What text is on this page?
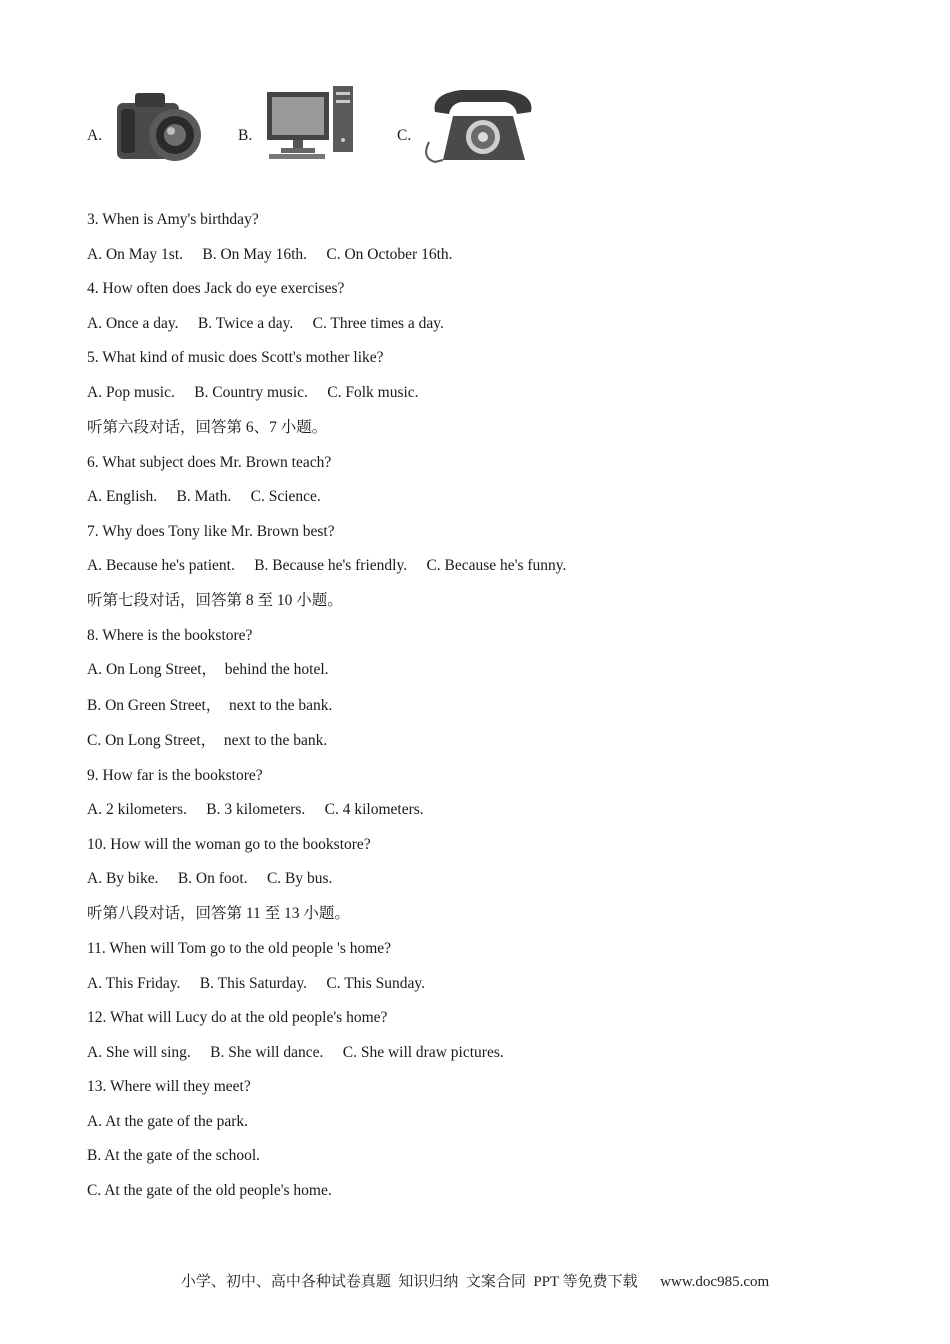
A.	B.	C.
3. When is Amy's birthday?
A. On May 1st.     B. On May 16th.     C. On October 16th.
4. How often does Jack do eye exercises?
A. Once a day.     B. Twice a day.     C. Three times a day.
5. What kind of music does Scott's mother like?
A. Pop music.     B. Country music.     C. Folk music.
听第六段对话，回答第 6、7 小题。
6. What subject does Mr. Brown teach?
A. English.     B. Math.     C. Science.
7. Why does Tony like Mr. Brown best?
A. Because he's patient.     B. Because he's friendly.     C. Because he's funny.
听第七段对话，回答第 8 至 10 小题。
8. Where is the bookstore?
A. On Long Street，  behind the hotel.
B. On Green Street，  next to the bank.
C. On Long Street，  next to the bank.
9. How far is the bookstore?
A. 2 kilometers.     B. 3 kilometers.     C. 4 kilometers.
10. How will the woman go to the bookstore?
A. By bike.     B. On foot.     C. By bus.
听第八段对话，回答第 11 至 13 小题。
11. When will Tom go to the old people 's home?
A. This Friday.     B. This Saturday.     C. This Sunday.
12. What will Lucy do at the old people's home?
A. She will sing.     B. She will dance.     C. She will draw pictures.
13. Where will they meet?
A. At the gate of the park.
B. At the gate of the school.
C. At the gate of the old people's home.
小学、初中、高中各种试卷真题  知识归纳  文案合同  PPT 等免费下载      www.doc985.com
